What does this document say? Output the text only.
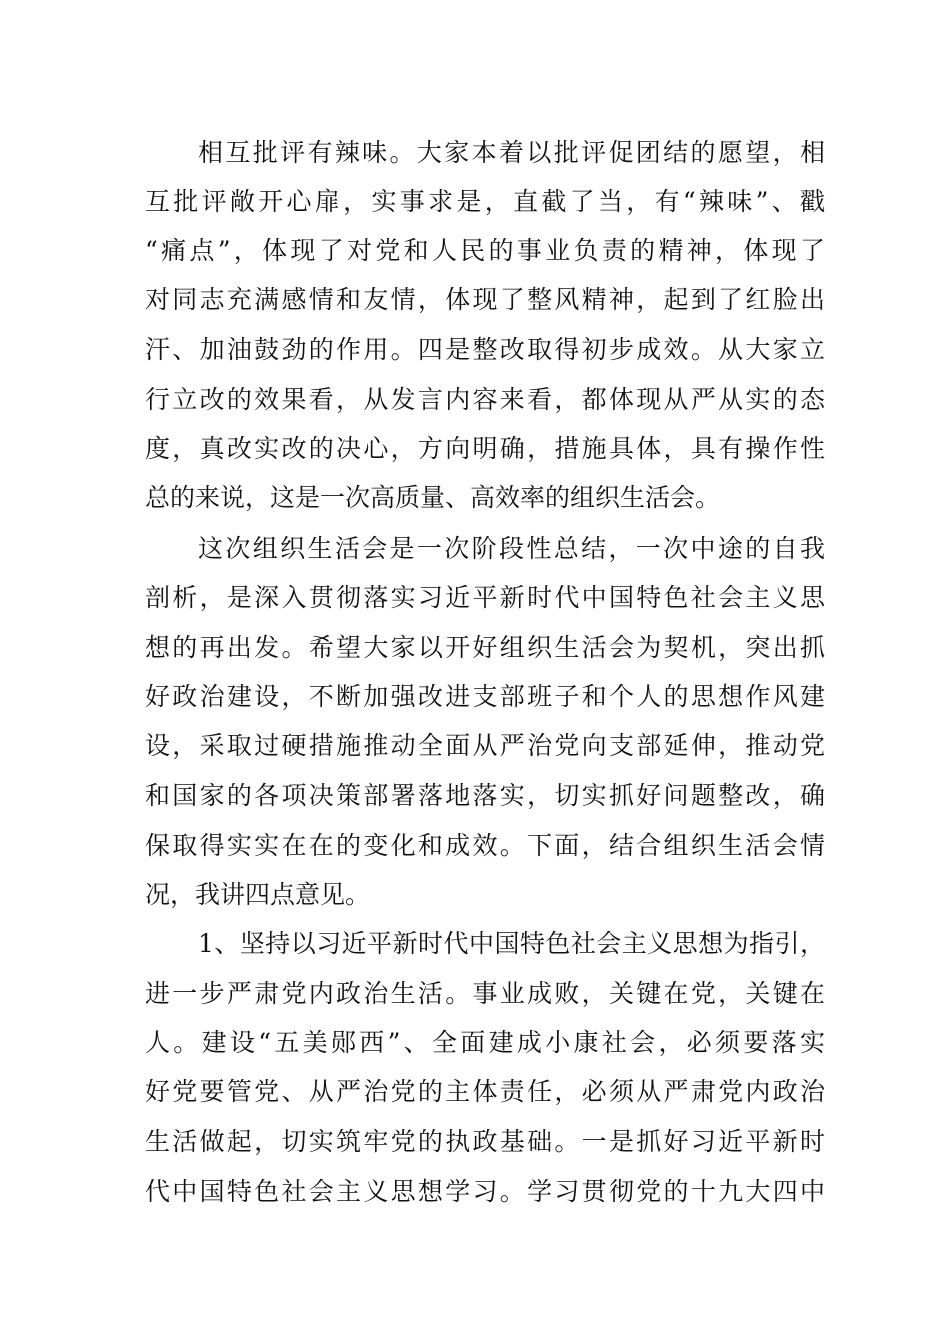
相互批评有辣味。大家本着以批评促团结的愿望，相
互批评敞开心扉，实事求是，直截了当，有“辣味”、戳
“痛点”，体现了对党和人民的事业负责的精神，体现了
对同志充满感情和友情，体现了整风精神，起到了红脸出
汗、加油鼓劲的作用。四是整改取得初步成效。从大家立
行立改的效果看，从发言内容来看，都体现从严从实的态
度，真改实改的决心，方向明确，措施具体，具有操作性
总的来说，这是一次高质量、高效率的组织生活会。
这次组织生活会是一次阶段性总结，一次中途的自我
剖析，是深入贯彻落实习近平新时代中国特色社会主义思
想的再出发。希望大家以开好组织生活会为契机，突出抓
好政治建设，不断加强改进支部班子和个人的思想作风建
设，采取过硬措施推动全面从严治党向支部延伸，推动党
和国家的各项决策部署落地落实，切实抓好问题整改，确
保取得实实在在的变化和成效。下面，结合组织生活会情
况，我讲四点意见。
1、坚持以习近平新时代中国特色社会主义思想为指引，
进一步严肃党内政治生活。事业成败，关键在党，关键在
人。建设“五美郧西”、全面建成小康社会，必须要落实
好党要管党、从严治党的主体责任，必须从严肃党内政治
生活做起，切实筑牢党的执政基础。一是抓好习近平新时
代中国特色社会主义思想学习。学习贯彻党的十九大四中
